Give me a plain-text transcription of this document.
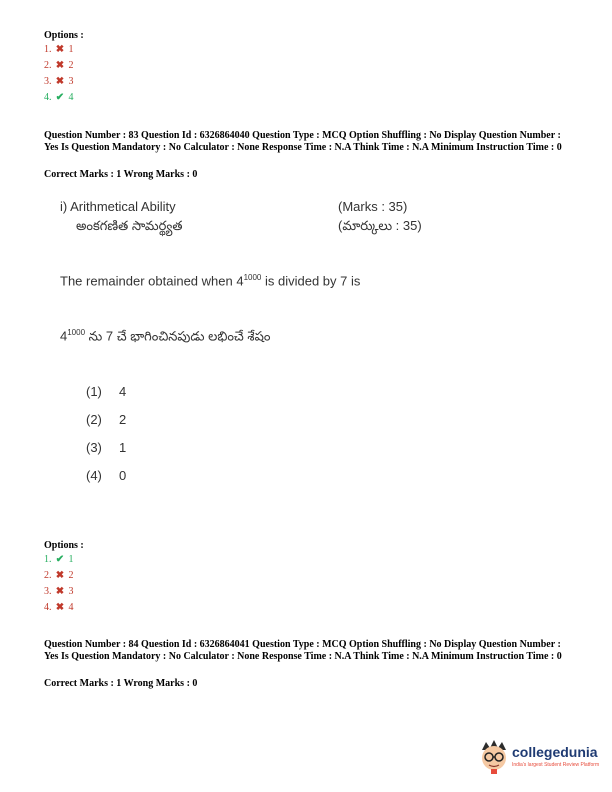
Options :
1. ✖ 1
2. ✖ 2
3. ✖ 3
4. ✔ 4
Question Number : 83 Question Id : 6326864040 Question Type : MCQ Option Shuffling : No Display Question Number : Yes Is Question Mandatory : No Calculator : None Response Time : N.A Think Time : N.A Minimum Instruction Time : 0
Correct Marks : 1 Wrong Marks : 0
i) Arithmetical Ability	(Marks : 35)
అంకగణిత సామర్థ్యత	(మార్కులు : 35)
The remainder obtained when $4^{1000}$ is divided by 7 is
$4^{1000}$ ను 7 చే భాగించినపుడు లభించే శేషం
(1) 4
(2) 2
(3) 1
(4) 0
Options :
1. ✔ 1
2. ✖ 2
3. ✖ 3
4. ✖ 4
Question Number : 84 Question Id : 6326864041 Question Type : MCQ Option Shuffling : No Display Question Number : Yes Is Question Mandatory : No Calculator : None Response Time : N.A Think Time : N.A Minimum Instruction Time : 0
Correct Marks : 1 Wrong Marks : 0
collegedunia
India's largest Student Review Platform
